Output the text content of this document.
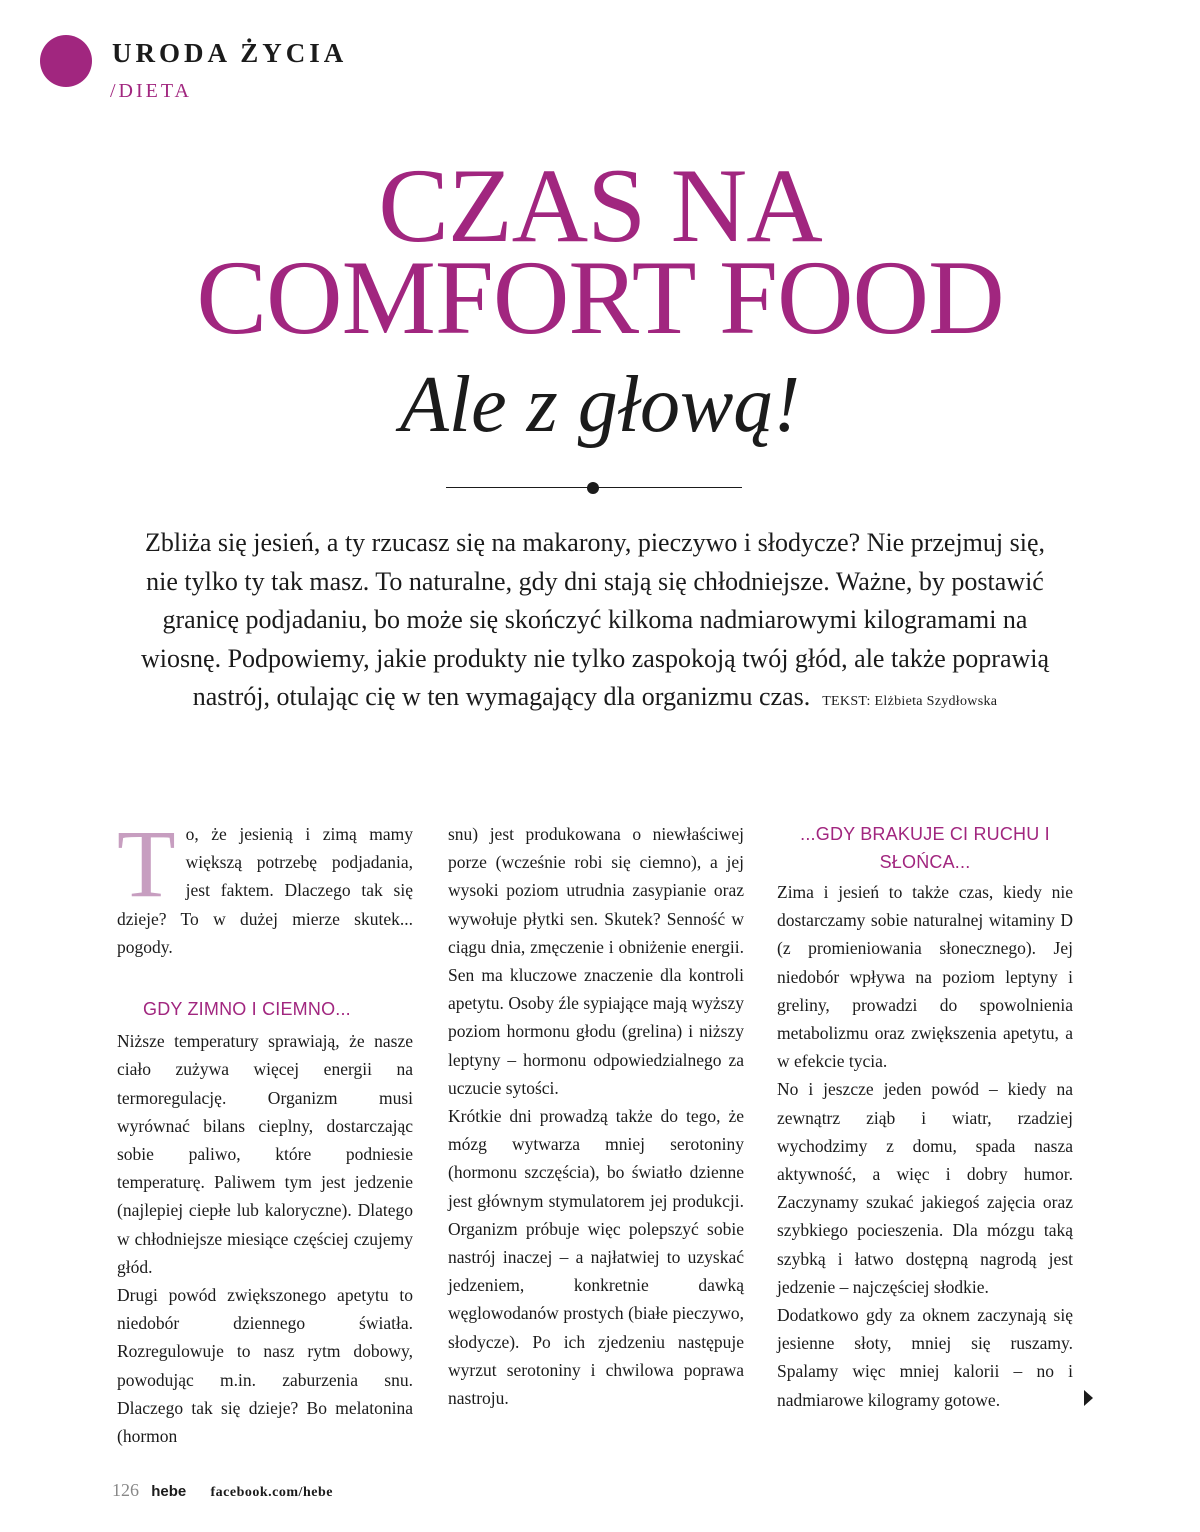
URODA ŻYCIA
/DIETA
CZAS NA
COMFORT FOOD
Ale z głową!
Zbliża się jesień, a ty rzucasz się na makarony, pieczywo i słodycze? Nie przejmuj się, nie tylko ty tak masz. To naturalne, gdy dni stają się chłodniejsze. Ważne, by postawić granicę podjadaniu, bo może się skończyć kilkoma nadmiarowymi kilogramami na wiosnę. Podpowiemy, jakie produkty nie tylko zaspokoją twój głód, ale także poprawią nastrój, otulając cię w ten wymagający dla organizmu czas. TEKST: Elżbieta Szydłowska
T o, że jesienią i zimą mamy większą potrzebę podjadania, jest faktem. Dlaczego tak się dzieje? To w dużej mierze skutek... pogody.

GDY ZIMNO I CIEMNO...

Niższe temperatury sprawiają, że nasze ciało zużywa więcej energii na termoregulację. Organizm musi wyrównać bilans cieplny, dostarczając sobie paliwo, które podniesie temperaturę. Paliwem tym jest jedzenie (najlepiej ciepłe lub kaloryczne). Dlatego w chłodniejsze miesiące częściej czujemy głód.

Drugi powód zwiększonego apetytu to niedobór dziennego światła. Rozregulowuje to nasz rytm dobowy, powodując m.in. zaburzenia snu. Dlaczego tak się dzieje? Bo melatonina (hormon

snu) jest produkowana o niewłaściwej porze (wcześnie robi się ciemno), a jej wysoki poziom utrudnia zasypianie oraz wywołuje płytki sen. Skutek? Senność w ciągu dnia, zmęczenie i obniżenie energii. Sen ma kluczowe znaczenie dla kontroli apetytu. Osoby źle sypiające mają wyższy poziom hormonu głodu (grelina) i niższy leptyny – hormonu odpowiedzialnego za uczucie sytości.

Krótkie dni prowadzą także do tego, że mózg wytwarza mniej serotoniny (hormonu szczęścia), bo światło dzienne jest głównym stymulatorem jej produkcji. Organizm próbuje więc polepszyć sobie nastrój inaczej – a najłatwiej to uzyskać jedzeniem, konkretnie dawką węglowodanów prostych (białe pieczywo, słodycze). Po ich zjedzeniu następuje wyrzut serotoniny i chwilowa poprawa nastroju.

...GDY BRAKUJE CI RUCHU I SŁOŃCA...

Zima i jesień to także czas, kiedy nie dostarczamy sobie naturalnej witaminy D (z promieniowania słonecznego). Jej niedobór wpływa na poziom leptyny i greliny, prowadzi do spowolnienia metabolizmu oraz zwiększenia apetytu, a w efekcie tycia.

No i jeszcze jeden powód – kiedy na zewnątrz ziąb i wiatr, rzadziej wychodzimy z domu, spada nasza aktywność, a więc i dobry humor. Zaczynamy szukać jakiegoś zajęcia oraz szybkiego pocieszenia. Dla mózgu taką szybką i łatwo dostępną nagrodą jest jedzenie – najczęściej słodkie.

Dodatkowo gdy za oknem zaczynają się jesienne słoty, mniej się ruszamy. Spalamy więc mniej kalorii – no i nadmiarowe kilogramy gotowe.

126 hebe facebook.com/hebe
